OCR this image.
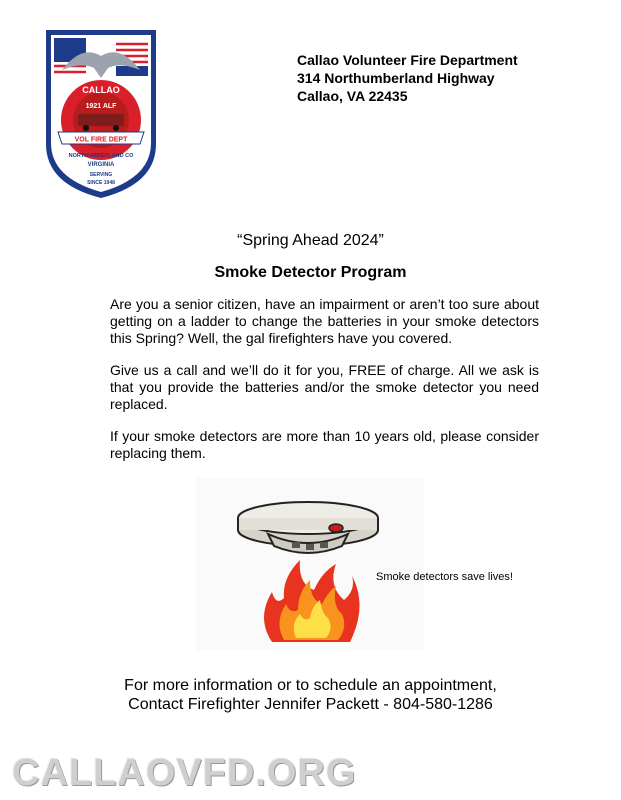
CALLAO
1921 ALF
VOL FIRE DEPT
NORTHUMBERLAND CO
VIRGINIA
SERVING
SINCE 1948
Callao Volunteer Fire Department
314 Northumberland Highway
Callao, VA 22435
“Spring Ahead 2024”
Smoke Detector Program

Are you a senior citizen, have an impairment or aren’t too sure about getting on a ladder to change the batteries in your smoke detectors this Spring? Well, the gal firefighters have you covered.

Give us a call and we’ll do it for you, FREE of charge. All we ask is that you provide the batteries and/or the smoke detector you need replaced.

If your smoke detectors are more than 10 years old, please consider replacing them.

Smoke detectors save lives!
For more information or to schedule an appointment,
Contact Firefighter Jennifer Packett - 804-580-1286
CALLAOVFD.ORG
